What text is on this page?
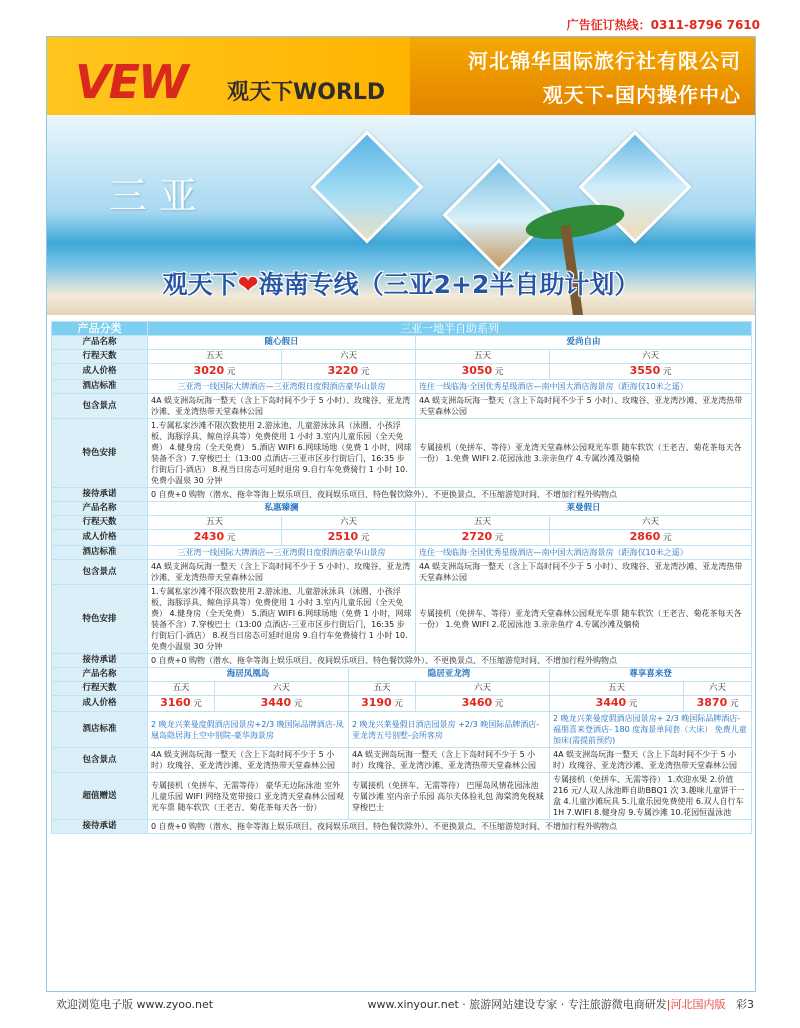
广告征订热线：0311-8796 7610
VEW 观天下WORLD
河北锦华国际旅行社有限公司
观天下-国内操作中心
三 亚
观天下❤海南专线（三亚2+2半自助计划）
产品分类	三亚一地半自助系列						
产品名称	随心假日				爱尚自由		
行程天数	五天		六天		五天	六天	
成人价格	3020 元		3220 元		3050 元	3550 元	
酒店标准	三亚湾一线国际大牌酒店—三亚湾假日度假酒店豪华山景房				连住一线临海·全国优秀星级酒店—南中国大酒店海景房（距海仅10米之遥）		
包含景点	4A 蜈支洲岛玩海一整天（含上下岛时间不少于 5 小时）、玫瑰谷、亚龙湾沙滩、亚龙湾热带天堂森林公园				4A 蜈支洲岛玩海一整天（含上下岛时间不少于 5 小时）、玫瑰谷、亚龙湾沙滩、亚龙湾热带天堂森林公园		
特色安排	1.专属私家沙滩不限次数使用 2.游泳池、儿童游泳泳具（泳圈、小孩浮板、海豚浮具、鲸鱼浮具等）免费使用 1 小时 3.室内儿童乐园（全天免费） 4.健身房（全天免费） 5.酒店 WIFI 6.网球场地（免费 1 小时，网球装备不含）7.穿梭巴士（13:00 点酒店-三亚市区步行街后门，16:35 步行街后门-酒店） 8.视当日房态可延时退房 9.自行车免费骑行 1 小时 10.免费小温泉 30 分钟				专属接机（免拼车、等待）亚龙湾天堂森林公园观光车票 随车软饮（王老吉、菊花茶每天各一份） 1.免费 WIFI 2.花园泳池 3.亲亲鱼疗 4.专属沙滩及躺椅		
接待承诺	0 自费+0 购物（潜水、拖伞等海上娱乐项目、夜间娱乐项目、特色餐饮除外）、不更换景点、不压缩游览时间、不增加行程外购物点						
产品名称	私惠臻澜				莱曼假日		
行程天数	五天		六天		五天	六天	
成人价格	2430 元		2510 元		2720 元	2860 元	
酒店标准	三亚湾一线国际大牌酒店—三亚湾假日度假酒店豪华山景房				连住一线临海·全国优秀星级酒店—南中国大酒店海景房（距海仅10米之遥）		
包含景点	4A 蜈支洲岛玩海一整天（含上下岛时间不少于 5 小时）、玫瑰谷、亚龙湾沙滩、亚龙湾热带天堂森林公园				4A 蜈支洲岛玩海一整天（含上下岛时间不少于 5 小时）、玫瑰谷、亚龙湾沙滩、亚龙湾热带天堂森林公园		
特色安排	1.专属私家沙滩不限次数使用 2.游泳池、儿童游泳泳具（泳圈、小孩浮板、海豚浮具、鲸鱼浮具等）免费使用 1 小时 3.室内儿童乐园（全天免费） 4.健身房（全天免费） 5.酒店 WIFI 6.网球场地（免费 1 小时，网球装备不含）7.穿梭巴士（13:00 点酒店-三亚市区步行街后门，16:35 步行街后门-酒店） 8.视当日房态可延时退房 9.自行车免费骑行 1 小时 10.免费小温泉 30 分钟				专属接机（免拼车、等待）亚龙湾天堂森林公园观光车票 随车软饮（王老吉、菊花茶每天各一份） 1.免费 WIFI 2.花园泳池 3.亲亲鱼疗 4.专属沙滩及躺椅		
接待承诺	0 自费+0 购物（潜水、拖伞等海上娱乐项目、夜间娱乐项目、特色餐饮除外）、不更换景点、不压缩游览时间、不增加行程外购物点						
产品名称	海居凤凰岛			隐居亚龙湾		尊享喜来登	
行程天数	五天	六天		五天	六天	五天	六天
成人价格	3160 元	3440 元		3190 元	3460 元	3440 元	3870 元
酒店标准	2 晚龙兴莱曼度假酒店园景房+2/3 晚国际品牌酒店-凤凰岛隐居海上空中别院-豪华海景房			2 晚龙兴莱曼假日酒店园景房 +2/3 晚国际品牌酒店-亚龙湾五号别墅-会所客房		2 晚龙兴莱曼度假酒店园景房+ 2/3 晚国际品牌酒店-福朋喜来登酒店- 180 度海景单间套（大床） 免费儿童加床(需提前预约)	
包含景点	4A 蜈支洲岛玩海一整天（含上下岛时间不少于 5 小时）玫瑰谷、亚龙湾沙滩、亚龙湾热带天堂森林公园			4A 蜈支洲岛玩海一整天（含上下岛时间不少于 5 小时）玫瑰谷、亚龙湾沙滩、亚龙湾热带天堂森林公园		4A 蜈支洲岛玩海一整天（含上下岛时间不少于 5 小时）玫瑰谷、亚龙湾沙滩、亚龙湾热带天堂森林公园	
超值赠送	专属接机（免拼车、无需等待） 豪华无边际泳池 室外儿童乐园 WIFI 网络及宽带接口 亚龙湾天堂森林公园观光车票 随车软饮（王老吉、菊花茶每天各一份）			专属接机（免拼车、无需等待） 巴厘岛风情花园泳池 专属沙滩 室内亲子乐园 高尔夫体验礼包 海棠湾免税城穿梭巴士		专属接机（免拼车、无需等待） 1.欢迎水果 2.价值 216 元/人双人泳池畔自助BBQ1 次 3.趣味儿童饼干一盒 4.儿童沙滩玩具 5.儿童乐园免费使用 6.双人自行车 1H 7.WIFI 8.健身房 9.专属沙滩 10.花园恒温泳池	
接待承诺	0 自费+0 购物（潜水、拖伞等海上娱乐项目、夜间娱乐项目、特色餐饮除外）、不更换景点、不压缩游览时间、不增加行程外购物点						
欢迎浏览电子版 www.zyoo.net	www.xinyour.net · 旅游网站建设专家 · 专注旅游微电商研发|河北国内版 彩3
